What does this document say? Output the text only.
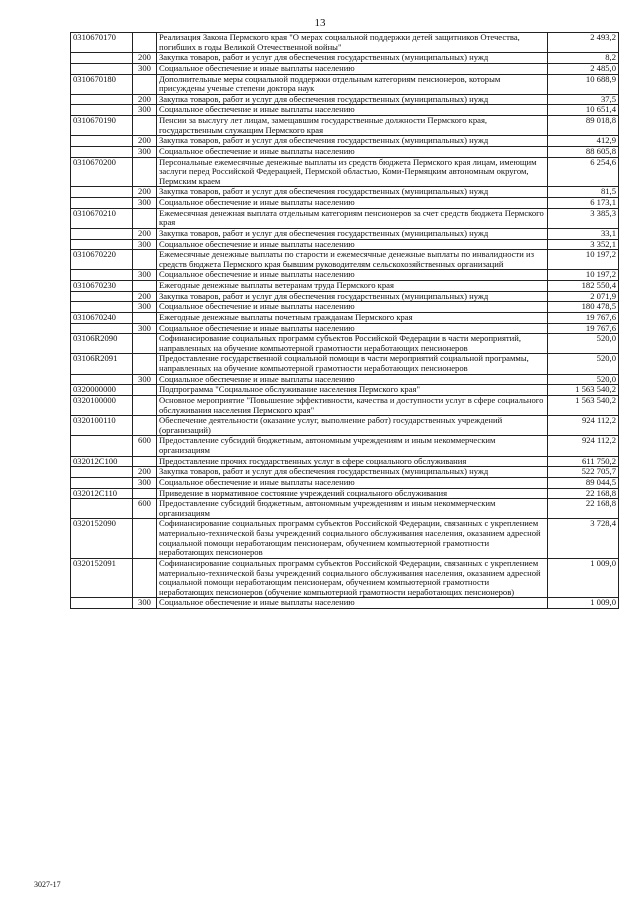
13
0310670170		Реализация Закона Пермского края "О мерах социальной поддержки детей защитников Отечества, погибших в годы Великой Отечественной войны"	2 493,2
	200	Закупка товаров, работ и услуг для обеспечения государственных (муниципальных) нужд	8,2
	300	Социальное обеспечение и иные выплаты населению	2 485,0
0310670180		Дополнительные меры социальной поддержки отдельным категориям пенсионеров, которым присуждены ученые степени доктора наук	10 688,9
	200	Закупка товаров, работ и услуг для обеспечения государственных (муниципальных) нужд	37,5
	300	Социальное обеспечение и иные выплаты населению	10 651,4
0310670190		Пенсии за выслугу лет лицам, замещавшим государственные должности Пермского края, государственным служащим Пермского края	89 018,8
	200	Закупка товаров, работ и услуг для обеспечения государственных (муниципальных) нужд	412,9
	300	Социальное обеспечение и иные выплаты населению	88 605,8
0310670200		Персональные ежемесячные денежные выплаты из средств бюджета Пермского края лицам, имеющим заслуги перед Российской Федерацией, Пермской областью, Коми-Пермяцким автономным округом, Пермским краем	6 254,6
	200	Закупка товаров, работ и услуг для обеспечения государственных (муниципальных) нужд	81,5
	300	Социальное обеспечение и иные выплаты населению	6 173,1
0310670210		Ежемесячная денежная выплата отдельным категориям пенсионеров за счет средств бюджета Пермского края	3 385,3
	200	Закупка товаров, работ и услуг для обеспечения государственных (муниципальных) нужд	33,1
	300	Социальное обеспечение и иные выплаты населению	3 352,1
0310670220		Ежемесячные денежные выплаты по старости и ежемесячные денежные выплаты по инвалидности из средств бюджета Пермского края бывшим руководителям сельскохозяйственных организаций	10 197,2
	300	Социальное обеспечение и иные выплаты населению	10 197,2
0310670230		Ежегодные денежные выплаты ветеранам труда Пермского края	182 550,4
	200	Закупка товаров, работ и услуг для обеспечения государственных (муниципальных) нужд	2 071,9
	300	Социальное обеспечение и иные выплаты населению	180 478,5
0310670240		Ежегодные денежные выплаты почетным гражданам Пермского края	19 767,6
	300	Социальное обеспечение и иные выплаты населению	19 767,6
03106R2090		Софинансирование социальных программ субъектов Российской Федерации в части мероприятий, направленных на обучение компьютерной грамотности неработающих пенсионеров	520,0
03106R2091		Предоставление государственной социальной помощи в части мероприятий социальной программы, направленных на обучение компьютерной грамотности неработающих пенсионеров	520,0
	300	Социальное обеспечение и иные выплаты населению	520,0
0320000000		Подпрограмма "Социальное обслуживание населения Пермского края"	1 563 540,2
0320100000		Основное мероприятие "Повышение эффективности, качества и доступности услуг в сфере социального обслуживания населения Пермского края"	1 563 540,2
0320100110		Обеспечение деятельности (оказание услуг, выполнение работ) государственных учреждений (организаций)	924 112,2
	600	Предоставление субсидий бюджетным, автономным учреждениям и иным некоммерческим организациям	924 112,2
032012С100		Предоставление прочих государственных услуг в сфере социального обслуживания	611 750,2
	200	Закупка товаров, работ и услуг для обеспечения государственных (муниципальных) нужд	522 705,7
	300	Социальное обеспечение и иные выплаты населению	89 044,5
032012С110		Приведение в нормативное состояние учреждений социального обслуживания	22 168,8
	600	Предоставление субсидий бюджетным, автономным учреждениям и иным некоммерческим организациям	22 168,8
0320152090		Софинансирование социальных программ субъектов Российской Федерации, связанных с укреплением материально-технической базы учреждений социального обслуживания населения, оказанием адресной социальной помощи неработающим пенсионерам, обучением компьютерной грамотности неработающих пенсионеров	3 728,4
0320152091		Софинансирование социальных программ субъектов Российской Федерации, связанных с укреплением материально-технической базы учреждений социального обслуживания населения, оказанием адресной социальной помощи неработающим пенсионерам, обучением компьютерной грамотности неработающих пенсионеров (обучение компьютерной грамотности неработающих пенсионеров)	1 009,0
	300	Социальное обеспечение и иные выплаты населению	1 009,0
3027-17
